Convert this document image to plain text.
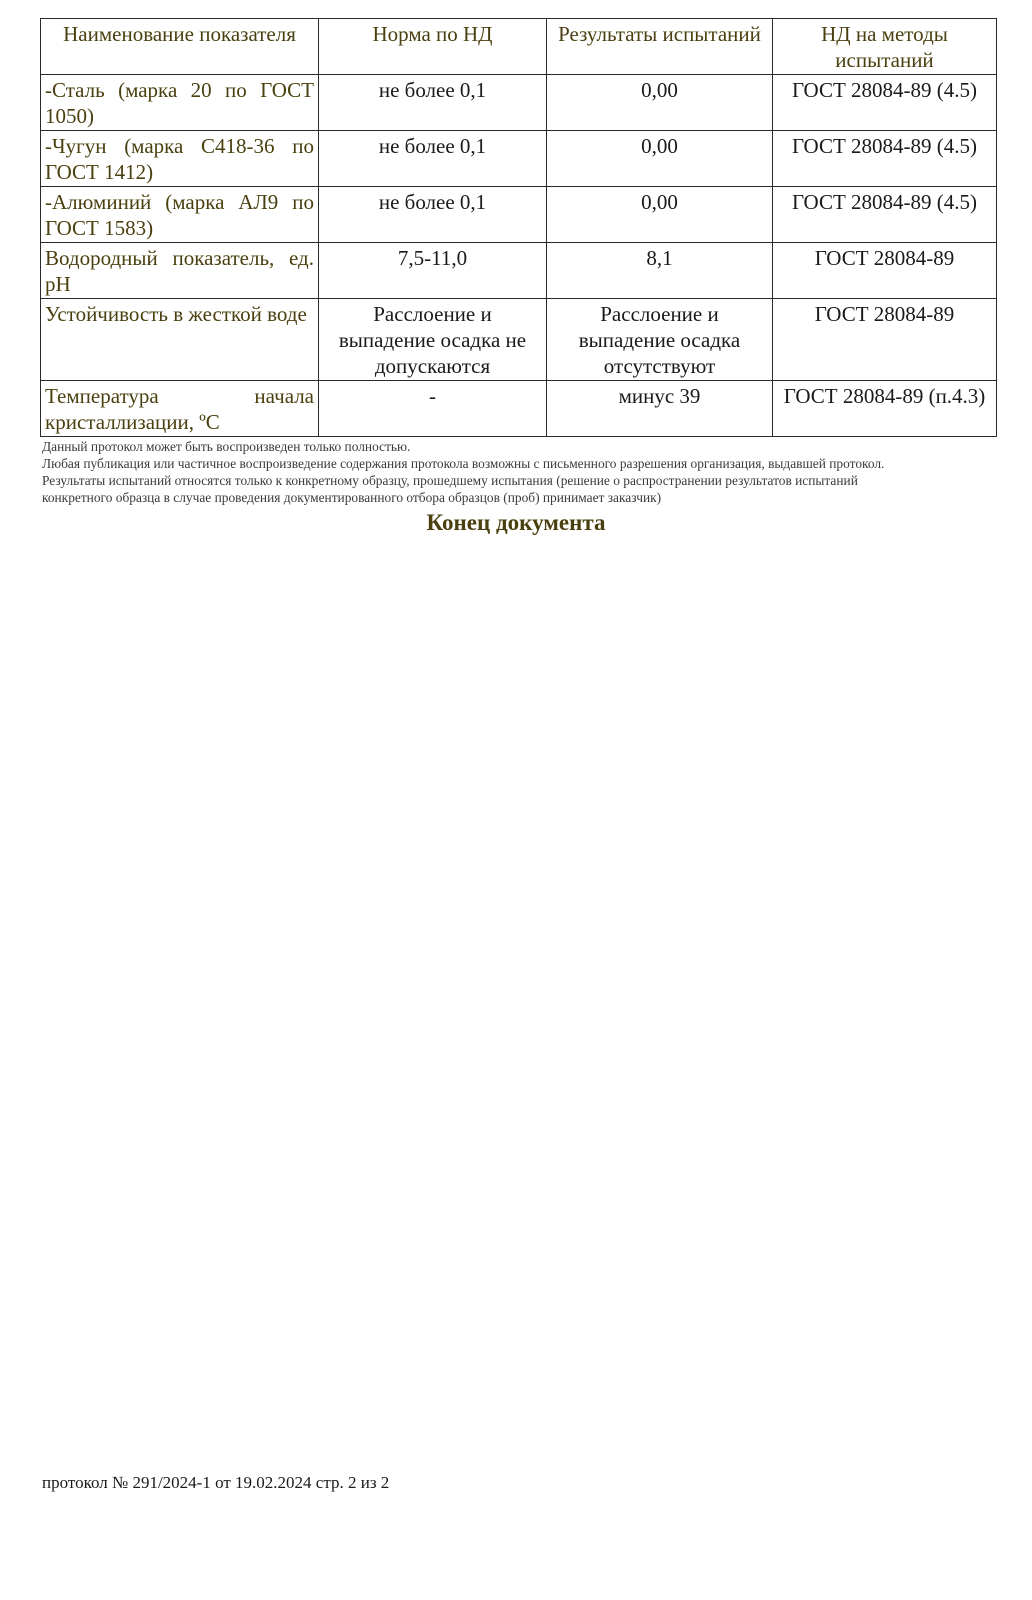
Наименование показателя	Норма по НД	Результаты испытаний	НД на методы испытаний
-Сталь (марка 20 по ГОСТ 1050)	не более 0,1	0,00	ГОСТ 28084-89 (4.5)
-Чугун (марка С418-36 по ГОСТ 1412)	не более 0,1	0,00	ГОСТ 28084-89 (4.5)
-Алюминий (марка АЛ9 по ГОСТ 1583)	не более 0,1	0,00	ГОСТ 28084-89 (4.5)
Водородный показатель, ед. pH	7,5-11,0	8,1	ГОСТ 28084-89
Устойчивость в жесткой воде	Расслоение и выпадение осадка не допускаются	Расслоение и выпадение осадка отсутствуют	ГОСТ 28084-89
Температура начала кристаллизации, ºС	-	минус 39	ГОСТ 28084-89 (п.4.3)
Данный протокол может быть воспроизведен только полностью.
Любая публикация или частичное воспроизведение содержания протокола возможны с письменного разрешения организация, выдавшей протокол.
Результаты испытаний относятся только к конкретному образцу, прошедшему испытания (решение о распространении результатов испытаний
конкретного образца в случае проведения документированного отбора образцов (проб) принимает заказчик)
Конец документа
протокол № 291/2024-1 от 19.02.2024 стр. 2 из 2
